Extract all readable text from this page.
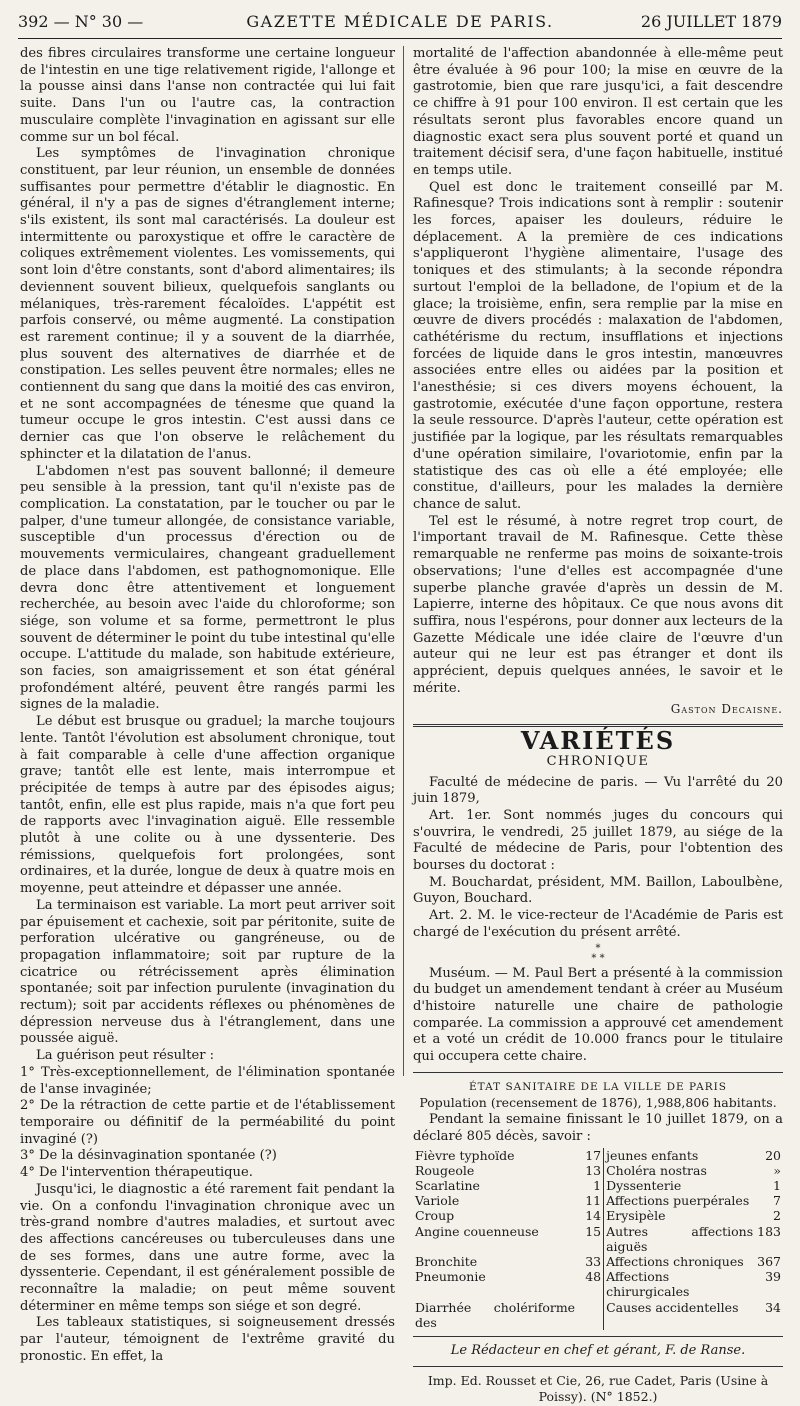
392 — N° 30 —	GAZETTE MÉDICALE DE PARIS.	26 JUILLET 1879

des fibres circulaires transforme une certaine longueur de l'intestin en une tige relativement rigide, l'allonge et la pousse ainsi dans l'anse non contractée qui lui fait suite. Dans l'un ou l'autre cas, la contraction musculaire complète l'invagination en agissant sur elle comme sur un bol fécal.

Les symptômes de l'invagination chronique constituent, par leur réunion, un ensemble de données suffisantes pour permettre d'établir le diagnostic. En général, il n'y a pas de signes d'étranglement interne; s'ils existent, ils sont mal caractérisés. La douleur est intermittente ou paroxystique et offre le caractère de coliques extrêmement violentes. Les vomissements, qui sont loin d'être constants, sont d'abord alimentaires; ils deviennent souvent bilieux, quelquefois sanglants ou mélaniques, très-rarement fécaloïdes. L'appétit est parfois conservé, ou même augmenté. La constipation est rarement continue; il y a souvent de la diarrhée, plus souvent des alternatives de diarrhée et de constipation. Les selles peuvent être normales; elles ne contiennent du sang que dans la moitié des cas environ, et ne sont accompagnées de ténesme que quand la tumeur occupe le gros intestin. C'est aussi dans ce dernier cas que l'on observe le relâchement du sphincter et la dilatation de l'anus.

L'abdomen n'est pas souvent ballonné; il demeure peu sensible à la pression, tant qu'il n'existe pas de complication. La constatation, par le toucher ou par le palper, d'une tumeur allongée, de consistance variable, susceptible d'un processus d'érection ou de mouvements vermiculaires, changeant graduellement de place dans l'abdomen, est pathognomonique. Elle devra donc être attentivement et longuement recherchée, au besoin avec l'aide du chloroforme; son siége, son volume et sa forme, permettront le plus souvent de déterminer le point du tube intestinal qu'elle occupe. L'attitude du malade, son habitude extérieure, son facies, son amaigrissement et son état général profondément altéré, peuvent être rangés parmi les signes de la maladie.

Le début est brusque ou graduel; la marche toujours lente. Tantôt l'évolution est absolument chronique, tout à fait comparable à celle d'une affection organique grave; tantôt elle est lente, mais interrompue et précipitée de temps à autre par des épisodes aigus; tantôt, enfin, elle est plus rapide, mais n'a que fort peu de rapports avec l'invagination aiguë. Elle ressemble plutôt à une colite ou à une dyssenterie. Des rémissions, quelquefois fort prolongées, sont ordinaires, et la durée, longue de deux à quatre mois en moyenne, peut atteindre et dépasser une année.

La terminaison est variable. La mort peut arriver soit par épuisement et cachexie, soit par péritonite, suite de perforation ulcérative ou gangréneuse, ou de propagation inflammatoire; soit par rupture de la cicatrice ou rétrécissement après élimination spontanée; soit par infection purulente (invagination du rectum); soit par accidents réflexes ou phénomènes de dépression nerveuse dus à l'étranglement, dans une poussée aiguë.

La guérison peut résulter :

1° Très-exceptionnellement, de l'élimination spontanée de l'anse invaginée;

2° De la rétraction de cette partie et de l'établissement temporaire ou définitif de la perméabilité du point invaginé (?)

3° De la désinvagination spontanée (?)

4° De l'intervention thérapeutique.

Jusqu'ici, le diagnostic a été rarement fait pendant la vie. On a confondu l'invagination chronique avec un très-grand nombre d'autres maladies, et surtout avec des affections cancéreuses ou tuberculeuses dans une de ses formes, dans une autre forme, avec la dyssenterie. Cependant, il est généralement possible de reconnaître la maladie; on peut même souvent déterminer en même temps son siége et son degré.

Les tableaux statistiques, si soigneusement dressés par l'auteur, témoignent de l'extrême gravité du pronostic. En effet, la

mortalité de l'affection abandonnée à elle-même peut être évaluée à 96 pour 100; la mise en œuvre de la gastrotomie, bien que rare jusqu'ici, a fait descendre ce chiffre à 91 pour 100 environ. Il est certain que les résultats seront plus favorables encore quand un diagnostic exact sera plus souvent porté et quand un traitement décisif sera, d'une façon habituelle, institué en temps utile.

Quel est donc le traitement conseillé par M. Rafinesque? Trois indications sont à remplir : soutenir les forces, apaiser les douleurs, réduire le déplacement. A la première de ces indications s'appliqueront l'hygiène alimentaire, l'usage des toniques et des stimulants; à la seconde répondra surtout l'emploi de la belladone, de l'opium et de la glace; la troisième, enfin, sera remplie par la mise en œuvre de divers procédés : malaxation de l'abdomen, cathétérisme du rectum, insufflations et injections forcées de liquide dans le gros intestin, manœuvres associées entre elles ou aidées par la position et l'anesthésie; si ces divers moyens échouent, la gastrotomie, exécutée d'une façon opportune, restera la seule ressource. D'après l'auteur, cette opération est justifiée par la logique, par les résultats remarquables d'une opération similaire, l'ovariotomie, enfin par la statistique des cas où elle a été employée; elle constitue, d'ailleurs, pour les malades la dernière chance de salut.

Tel est le résumé, à notre regret trop court, de l'important travail de M. Rafinesque. Cette thèse remarquable ne renferme pas moins de soixante-trois observations; l'une d'elles est accompagnée d'une superbe planche gravée d'après un dessin de M. Lapierre, interne des hôpitaux. Ce que nous avons dit suffira, nous l'espérons, pour donner aux lecteurs de la Gazette Médicale une idée claire de l'œuvre d'un auteur qui ne leur est pas étranger et dont ils apprécient, depuis quelques années, le savoir et le mérite.

Gaston Decaisne.
VARIÉTÉS
CHRONIQUE

Faculté de médecine de paris. — Vu l'arrêté du 20 juin 1879,

Art. 1er. Sont nommés juges du concours qui s'ouvrira, le vendredi, 25 juillet 1879, au siége de la Faculté de médecine de Paris, pour l'obtention des bourses du doctorat :

M. Bouchardat, président, MM. Baillon, Laboulbène, Guyon, Bouchard.

Art. 2. M. le vice-recteur de l'Académie de Paris est chargé de l'exécution du présent arrêté.

*
* *

Muséum. — M. Paul Bert a présenté à la commission du budget un amendement tendant à créer au Muséum d'histoire naturelle une chaire de pathologie comparée. La commission a approuvé cet amendement et a voté un crédit de 10.000 francs pour le titulaire qui occupera cette chaire.

ÉTAT SANITAIRE DE LA VILLE DE PARIS
Population (recensement de 1876), 1,988,806 habitants.

Pendant la semaine finissant le 10 juillet 1879, on a déclaré 805 décès, savoir :

Fièvre typhoïde	17	jeunes enfants	20
Rougeole	13	Choléra nostras	»
Scarlatine	1	Dyssenterie	1
Variole	11	Affections puerpérales	7
Croup	14	Erysipèle	2
Angine couenneuse	15	Autres affections aiguës	183
Bronchite	33	Affections chroniques	367
Pneumonie	48	Affections chirurgicales	39
Diarrhée cholériforme des		Causes accidentelles	34
Le Rédacteur en chef et gérant, F. de Ranse.
Imp. Ed. Rousset et Cie, 26, rue Cadet, Paris (Usine à Poissy). (N° 1852.)
